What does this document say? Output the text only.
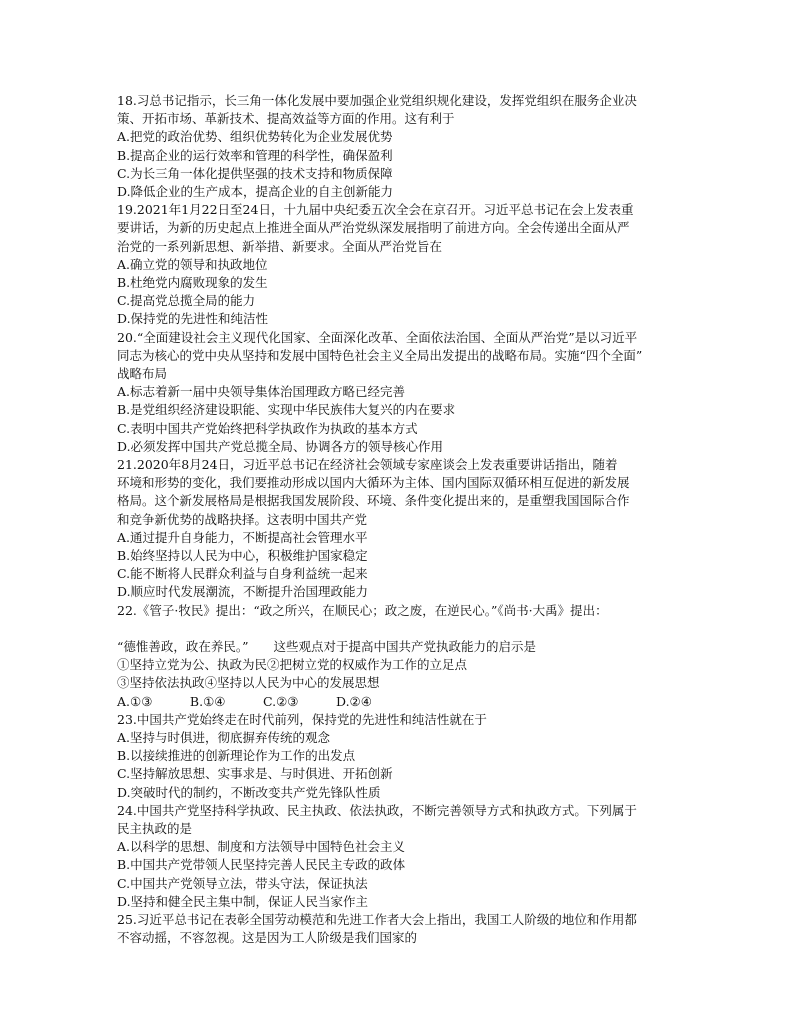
18.习总书记指示，长三角一体化发展中要加强企业党组织规化建设，发挥党组织在服务企业决
策、开拓市场、革新技术、提高效益等方面的作用。这有利于
A.把党的政治优势、组织优势转化为企业发展优势
B.提高企业的运行效率和管理的科学性，确保盈利
C.为长三角一体化提供坚强的技术支持和物质保障
D.降低企业的生产成本，提高企业的自主创新能力
19.2021年1月22日至24日，十九届中央纪委五次全会在京召开。习近平总书记在会上发表重
要讲话，为新的历史起点上推进全面从严治党纵深发展指明了前进方向。全会传递出全面从严
治党的一系列新思想、新举措、新要求。全面从严治党旨在
A.确立党的领导和执政地位
B.杜绝党内腐败现象的发生
C.提高党总揽全局的能力
D.保持党的先进性和纯洁性
20.“全面建设社会主义现代化国家、全面深化改革、全面依法治国、全面从严治党”是以习近平
同志为核心的党中央从坚持和发展中国特色社会主义全局出发提出的战略布局。实施“四个全面”
战略布局
A.标志着新一届中央领导集体治国理政方略已经完善
B.是党组织经济建设职能、实现中华民族伟大复兴的内在要求
C.表明中国共产党始终把科学执政作为执政的基本方式
D.必须发挥中国共产党总揽全局、协调各方的领导核心作用
21.2020年8月24日，习近平总书记在经济社会领域专家座谈会上发表重要讲话指出，随着
环境和形势的变化，我们要推动形成以国内大循环为主体、国内国际双循环相互促进的新发展
格局。这个新发展格局是根据我国发展阶段、环境、条件变化提出来的，是重塑我国国际合作
和竞争新优势的战略抉择。这表明中国共产党
A.通过提升自身能力，不断提高社会管理水平
B.始终坚持以人民为中心，积极维护国家稳定
C.能不断将人民群众利益与自身利益统一起来
D.顺应时代发展潮流，不断提升治国理政能力
22.《管子·牧民》提出：“政之所兴，在顺民心；政之废，在逆民心。”《尚书·大禹》提出：
“德惟善政，政在养民。”　　这些观点对于提高中国共产党执政能力的启示是
①坚持立党为公、执政为民②把树立党的权威作为工作的立足点
③坚持依法执政④坚持以人民为中心的发展思想
A.①③　　　B.①④　　　C.②③　　　D.②④
23.中国共产党始终走在时代前列，保持党的先进性和纯洁性就在于
A.坚持与时俱进，彻底摒弃传统的观念
B.以接续推进的创新理论作为工作的出发点
C.坚持解放思想、实事求是、与时俱进、开拓创新
D.突破时代的制约，不断改变共产党先锋队性质
24.中国共产党坚持科学执政、民主执政、依法执政，不断完善领导方式和执政方式。下列属于
民主执政的是
A.以科学的思想、制度和方法领导中国特色社会主义
B.中国共产党带领人民坚持完善人民民主专政的政体
C.中国共产党领导立法，带头守法，保证执法
D.坚持和健全民主集中制，保证人民当家作主
25.习近平总书记在表彰全国劳动模范和先进工作者大会上指出，我国工人阶级的地位和作用都
不容动摇，不容忽视。这是因为工人阶级是我们国家的
